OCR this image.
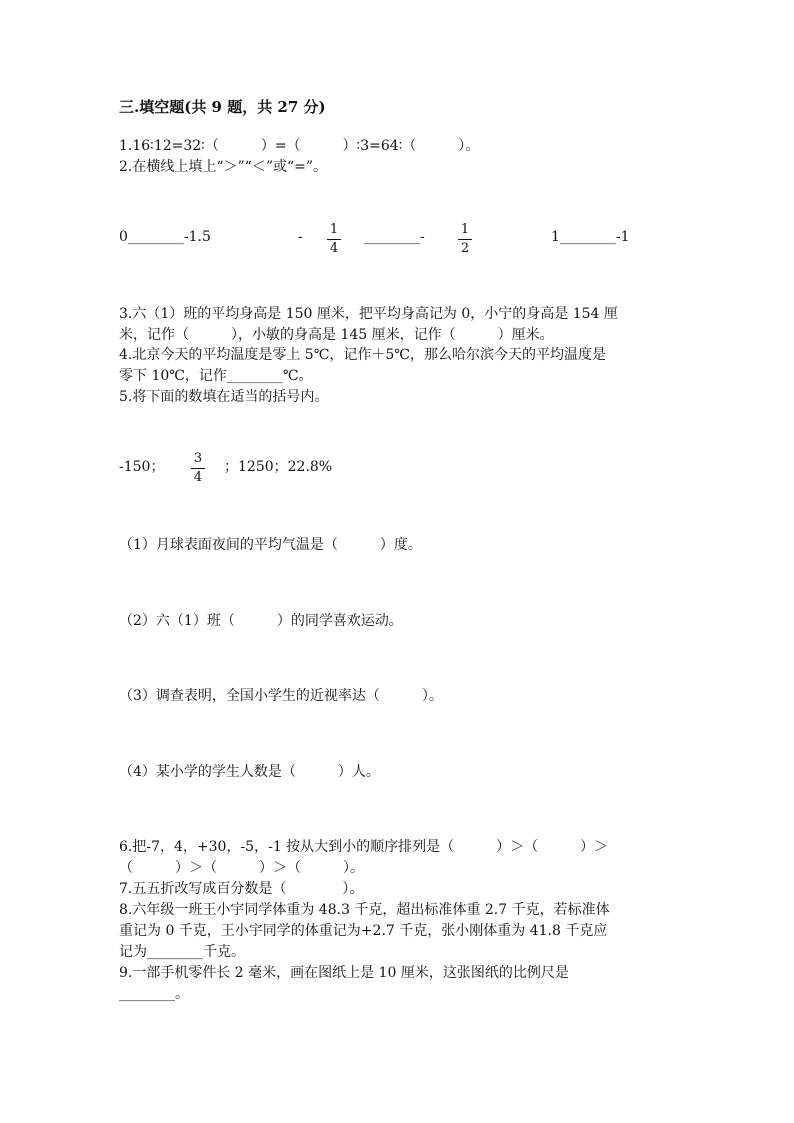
三.填空题(共 9 题，共 27 分)
1.16∶12=32∶（　　　）=（　　　）∶3=64∶（　　　）。
2.在横线上填上“＞”“＜”或“=”。
0________-1.5	- 1
4
________-	1
2
1________-1
3.六（1）班的平均身高是 150 厘米，把平均身高记为 0，小宁的身高是 154 厘
米，记作（　　　），小敏的身高是 145 厘米，记作（　　　）厘米。
4.北京今天的平均温度是零上 5℃，记作＋5℃，那么哈尔滨今天的平均温度是
零下 10℃，记作________℃。
5.将下面的数填在适当的括号内。
-150；
3
4
；1250；22.8%
（1）月球表面夜间的平均气温是（　　　）度。
（2）六（1）班（　　　）的同学喜欢运动。
（3）调查表明，全国小学生的近视率达（　　　）。
（4）某小学的学生人数是（　　　）人。
6.把-7，4，+30，-5，-1 按从大到小的顺序排列是（　　　）＞（　　　）＞
（　　　）＞（　　　）＞（　　　）。
7.五五折改写成百分数是（　　　　）。
8.六年级一班王小宇同学体重为 48.3 千克，超出标准体重 2.7 千克，若标准体
重记为 0 千克，王小宇同学的体重记为+2.7 千克，张小刚体重为 41.8 千克应
记为________千克。
9.一部手机零件长 2 毫米，画在图纸上是 10 厘米，这张图纸的比例尺是
________。
